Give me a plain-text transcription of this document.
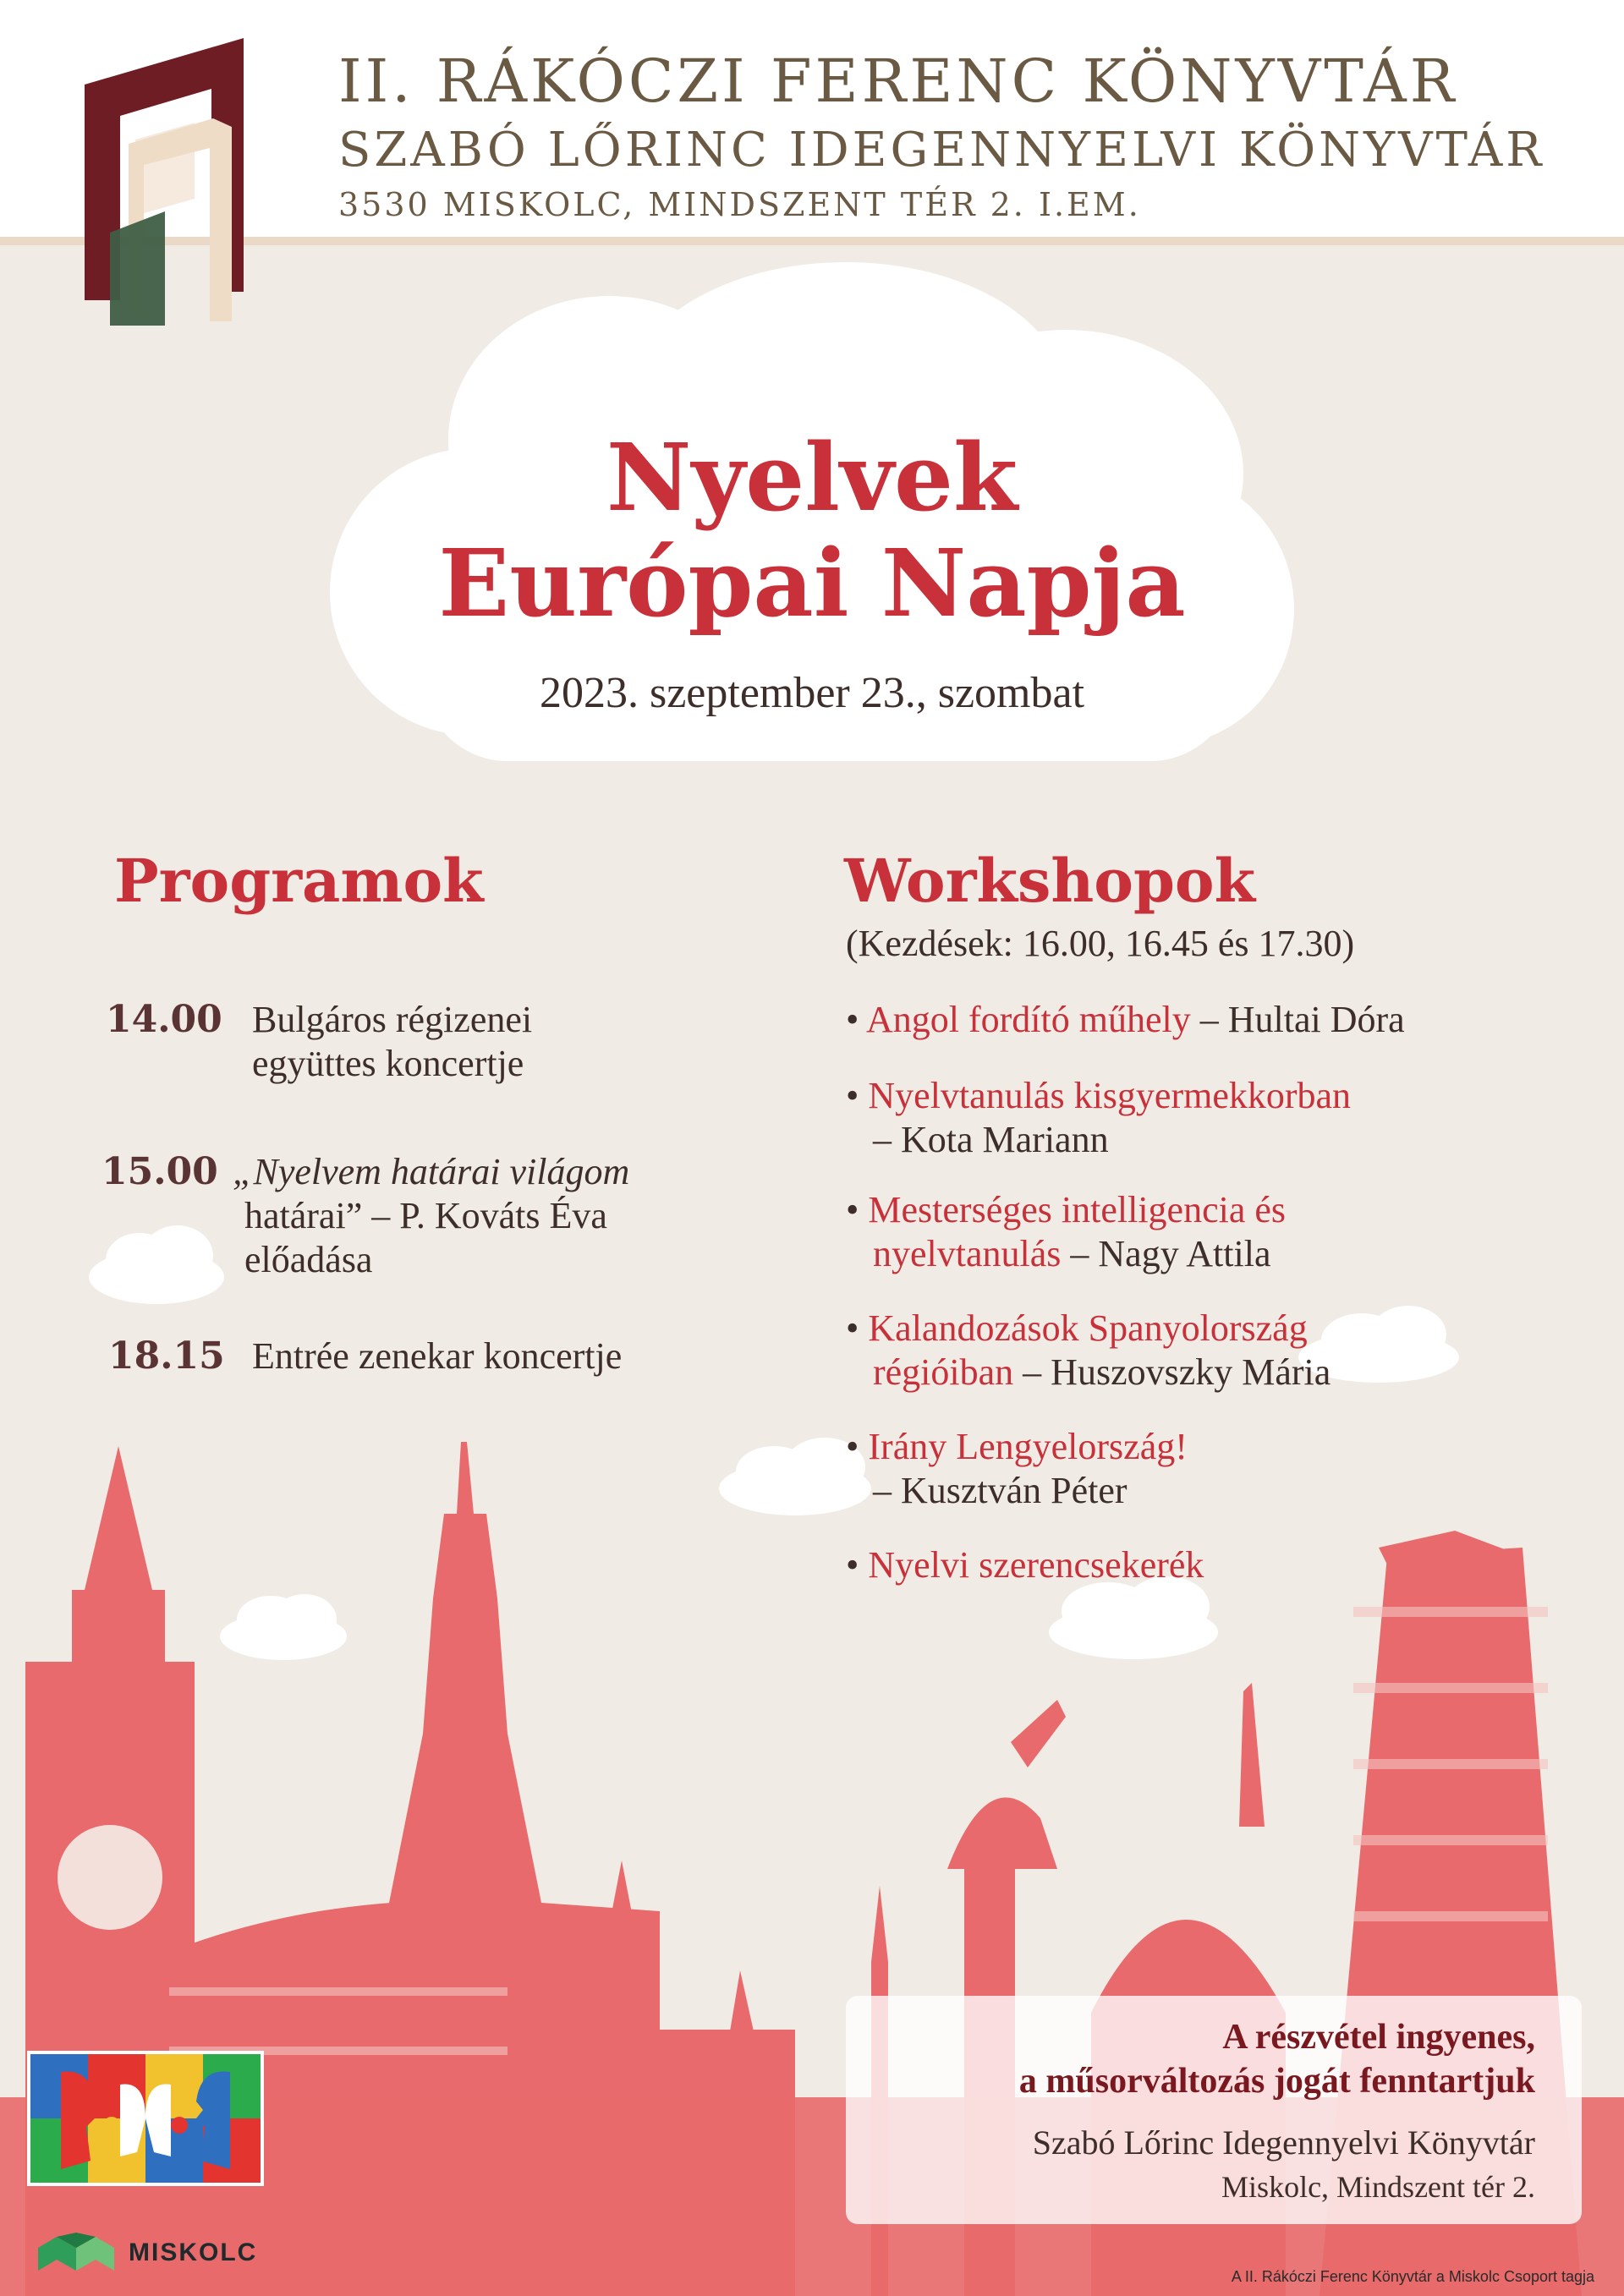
II. RÁKÓCZI FERENC KÖNYVTÁR
SZABÓ LŐRINC IDEGENNYELVI KÖNYVTÁR
3530 MISKOLC, MINDSZENT TÉR 2. I.EM.
Nyelvek
Európai Napja
2023. szeptember 23., szombat
Programok
14.00 Bulgáros régizenei
együttes koncertje
15.00 „Nyelvem határai világom
határai” – P. Kováts Éva
előadása
18.15 Entrée zenekar koncertje
Workshopok
(Kezdések: 16.00, 16.45 és 17.30)
• Angol fordító műhely – Hultai Dóra
• Nyelvtanulás kisgyermekkorban
– Kota Mariann
• Mesterséges intelligencia és
nyelvtanulás – Nagy Attila
• Kalandozások Spanyolország
régióiban – Huszovszky Mária
• Irány Lengyelország!
– Kusztván Péter
• Nyelvi szerencsekerék
A részvétel ingyenes,
a műsorváltozás jogát fenntartjuk
Szabó Lőrinc Idegennyelvi Könyvtár
Miskolc, Mindszent tér 2.
MISKOLC
A II. Rákóczi Ferenc Könyvtár a Miskolc Csoport tagja
